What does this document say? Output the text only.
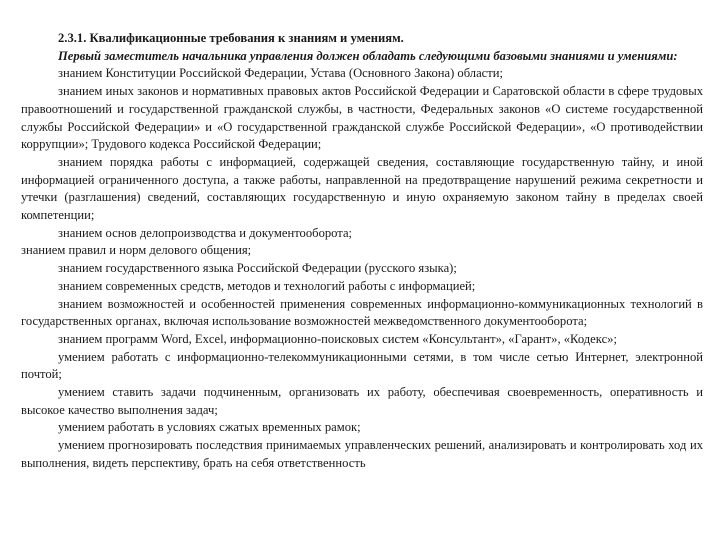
2.3.1. Квалификационные требования к знаниям и умениям.

Первый заместитель начальника управления должен обладать следующими базовыми знаниями и умениями:

знанием Конституции Российской Федерации, Устава (Основного Закона) области;

знанием иных законов и нормативных правовых актов Российской Федерации и Саратовской области в сфере трудовых правоотношений и государственной гражданской службы, в частности, Федеральных законов «О системе государственной службы Российской Федерации» и «О государственной гражданской службе Российской Федерации», «О противодействии коррупции»; Трудового кодекса Российской Федерации;

знанием порядка работы с информацией, содержащей сведения, составляющие государственную тайну, и иной информацией ограниченного доступа, а также работы, направленной на предотвращение нарушений режима секретности и утечки (разглашения) сведений, составляющих государственную и иную охраняемую законом тайну в пределах своей компетенции;

знанием основ делопроизводства и документооборота;

знанием правил и норм делового общения;

знанием государственного языка Российской Федерации (русского языка);

знанием современных средств, методов и технологий работы с информацией;

знанием возможностей и особенностей применения современных информационно-коммуникационных технологий в государственных органах, включая использование возможностей межведомственного документооборота;

знанием программ Word, Excel, информационно-поисковых систем «Консультант», «Гарант», «Кодекс»;

умением работать с информационно-телекоммуникационными сетями, в том числе сетью Интернет, электронной почтой;

умением ставить задачи подчиненным, организовать их работу, обеспечивая своевременность, оперативность и высокое качество выполнения задач;

умением работать в условиях сжатых временных рамок;

умением прогнозировать последствия принимаемых управленческих решений, анализировать и контролировать ход их выполнения, видеть перспективу, брать на себя ответственность
